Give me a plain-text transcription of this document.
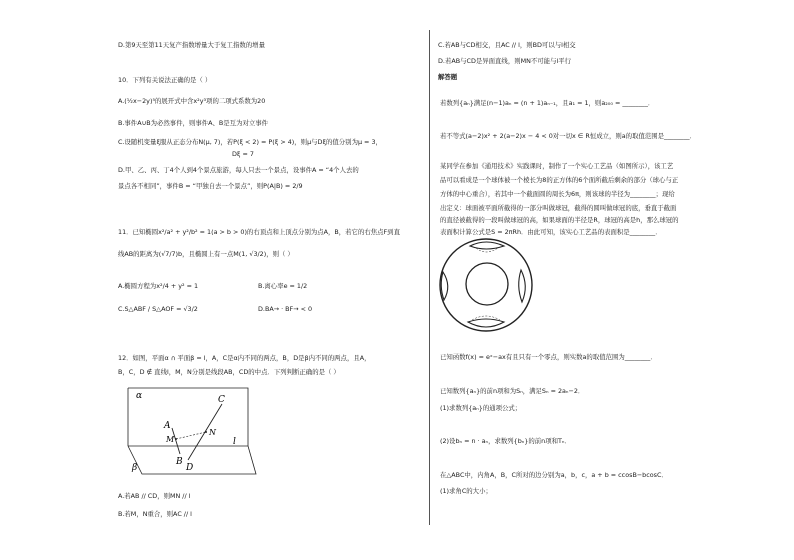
D.第9天至第11天复产指数增量大于复工指数的增量
10．下列有关说法正确的是（ ）
A.(½x−2y)⁵的展开式中含x²y³项的二项式系数为20
B.事件A∪B为必然事件，则事件A、B是互为对立事件
C.设随机变量ξ服从正态分布N(μ, 7)，若P(ξ < 2) = P(ξ > 4)，则μ与Dξ的值分别为μ = 3，
Dξ = 7
D.甲、乙、丙、丁4个人到4个景点旅游，每人只去一个景点，设事件A = “4个人去的
景点各不相同”，事件B = “甲独自去一个景点”，则P(A|B) = 2/9
11．已知椭圆x²/a² + y²/b² = 1(a > b > 0)的右顶点和上顶点分别为点A，B，若它的右焦点F到直
线AB的距离为(√7/7)b，且椭圆上有一点M(1, √3/2)，则（ ）
A.椭圆方程为x²/4 + y² = 1	B.离心率e = 1/2
C.S△ABF / S△AOF = √3/2	D.BA→ · BF→ < 0
12．如图，平面α ∩ 平面β = l，A，C是α内不同的两点，B，D是β内不同的两点，且A，
B，C，D ∉ 直线l，M，N分别是线段AB，CD的中点．下列判断正确的是（ ）
α
β
l
A
M
B
C
N
D
A.若AB // CD，则MN // l
B.若M，N重合，则AC // l
C.若AB与CD相交，且AC // l，则BD可以与l相交
D.若AB与CD是异面直线，则MN不可能与l平行
解答题
若数列{aₙ}满足(n−1)aₙ = (n + 1)aₙ₋₁，且a₁ = 1，则a₂₀₀ = ________．
若不等式(a−2)x² + 2(a−2)x − 4 < 0对一切x ∈ R恒成立，则a的取值范围是________．
某同学在参加《通用技术》实践课时，制作了一个实心工艺品（如图所示），该工艺
品可以看成是一个球体被一个棱长为8的正方体的6个面所截后剩余的部分（球心与正
方体的中心重合），若其中一个截面圆的周长为6π，则该球的半径为________；现给
出定义：球面被平面所截得的一部分叫做球冠，截得的圆叫做球冠的底，垂直于截面
的直径被截得的一段叫做球冠的高，如果球面的半径是R，球冠的高是h，那么球冠的
表面积计算公式是S = 2πRh．由此可知，该实心工艺品的表面积是________．
已知函数f(x) = eˣ−ax有且只有一个零点，则实数a的取值范围为________．
已知数列{aₙ}的前n项和为Sₙ，满足Sₙ = 2aₙ−2．
(1)求数列{aₙ}的通项公式；
(2)设bₙ = n · aₙ，求数列{bₙ}的前n项和Tₙ．
在△ABC中，内角A，B，C所对的边分别为a，b，c，a + b = ccosB−bcosC．
(1)求角C的大小；
